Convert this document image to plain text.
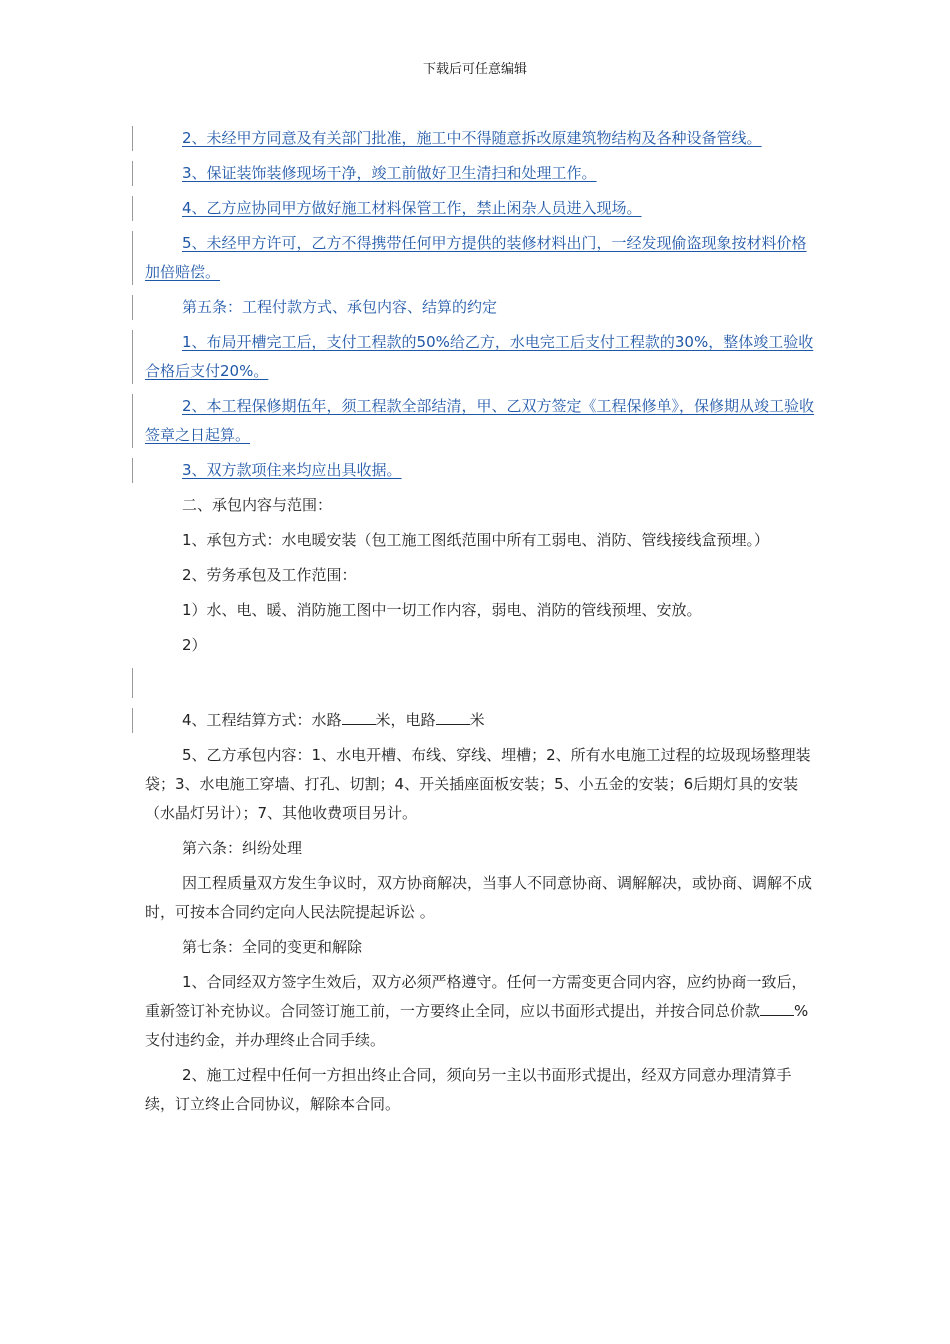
下载后可任意编辑

2、未经甲方同意及有关部门批准，施工中不得随意拆改原建筑物结构及各种设备管线。

3、保证装饰装修现场干净，竣工前做好卫生清扫和处理工作。

4、乙方应协同甲方做好施工材料保管工作，禁止闲杂人员进入现场。

5、未经甲方许可，乙方不得携带任何甲方提供的装修材料出门，一经发现偷盗现象按材料价格加倍赔偿。

第五条：工程付款方式、承包内容、结算的约定

1、布局开槽完工后，支付工程款的50%给乙方，水电完工后支付工程款的30%，整体竣工验收合格后支付20%。

2、本工程保修期伍年，须工程款全部结清，甲、乙双方签定《工程保修单》，保修期从竣工验收签章之日起算。

3、双方款项住来均应出具收据。

二、承包内容与范围：

1、承包方式：水电暖安装（包工施工图纸范围中所有工弱电、消防、管线接线盒预埋。）

2、劳务承包及工作范围：

1）水、电、暖、消防施工图中一切工作内容，弱电、消防的管线预埋、安放。

2）

4、工程结算方式：水路 米，电路 米

5、乙方承包内容：1、水电开槽、布线、穿线、埋槽；2、所有水电施工过程的垃圾现场整理装袋；3、水电施工穿墙、打孔、切割；4、开关插座面板安装；5、小五金的安装；6后期灯具的安装（水晶灯另计）；7、其他收费项目另计。

第六条：纠纷处理

因工程质量双方发生争议时，双方协商解决，当事人不同意协商、调解解决，或协商、调解不成时，可按本合同约定向人民法院提起诉讼 。

第七条：全同的变更和解除

1、合同经双方签字生效后，双方必须严格遵守。任何一方需变更合同内容，应约协商一致后，重新签订补充协议。合同签订施工前，一方要终止全同，应以书面形式提出，并按合同总价款 %支付违约金，并办理终止合同手续。

2、施工过程中任何一方担出终止合同，须向另一主以书面形式提出，经双方同意办理清算手续，订立终止合同协议，解除本合同。
